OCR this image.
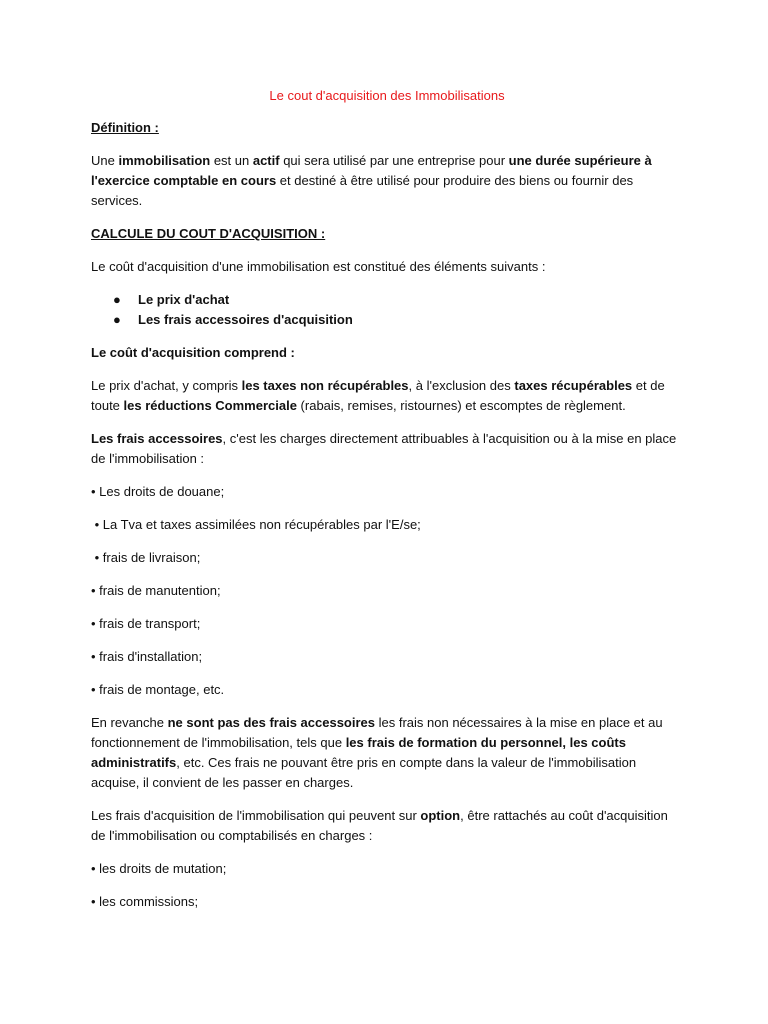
Le cout d'acquisition des Immobilisations

Définition :

Une immobilisation est un actif qui sera utilisé par une entreprise pour une durée supérieure à l'exercice comptable en cours et destiné à être utilisé pour produire des biens ou fournir des services.

CALCULE DU COUT D'ACQUISITION :

Le coût d'acquisition d'une immobilisation est constitué des éléments suivants :

● Le prix d'achat
● Les frais accessoires d'acquisition

Le coût d'acquisition comprend :

Le prix d'achat, y compris les taxes non récupérables, à l'exclusion des taxes récupérables et de toute les réductions Commerciale (rabais, remises, ristournes) et escomptes de règlement.

Les frais accessoires, c'est les charges directement attribuables à l'acquisition ou à la mise en place de l'immobilisation :

• Les droits de douane;

• La Tva et taxes assimilées non récupérables par l'E/se;

• frais de livraison;

• frais de manutention;

• frais de transport;

• frais d'installation;

• frais de montage, etc.

En revanche ne sont pas des frais accessoires les frais non nécessaires à la mise en place et au fonctionnement de l'immobilisation, tels que les frais de formation du personnel, les coûts administratifs, etc. Ces frais ne pouvant être pris en compte dans la valeur de l'immobilisation acquise, il convient de les passer en charges.

Les frais d'acquisition de l'immobilisation qui peuvent sur option, être rattachés au coût d'acquisition de l'immobilisation ou comptabilisés en charges :

• les droits de mutation;

• les commissions;
